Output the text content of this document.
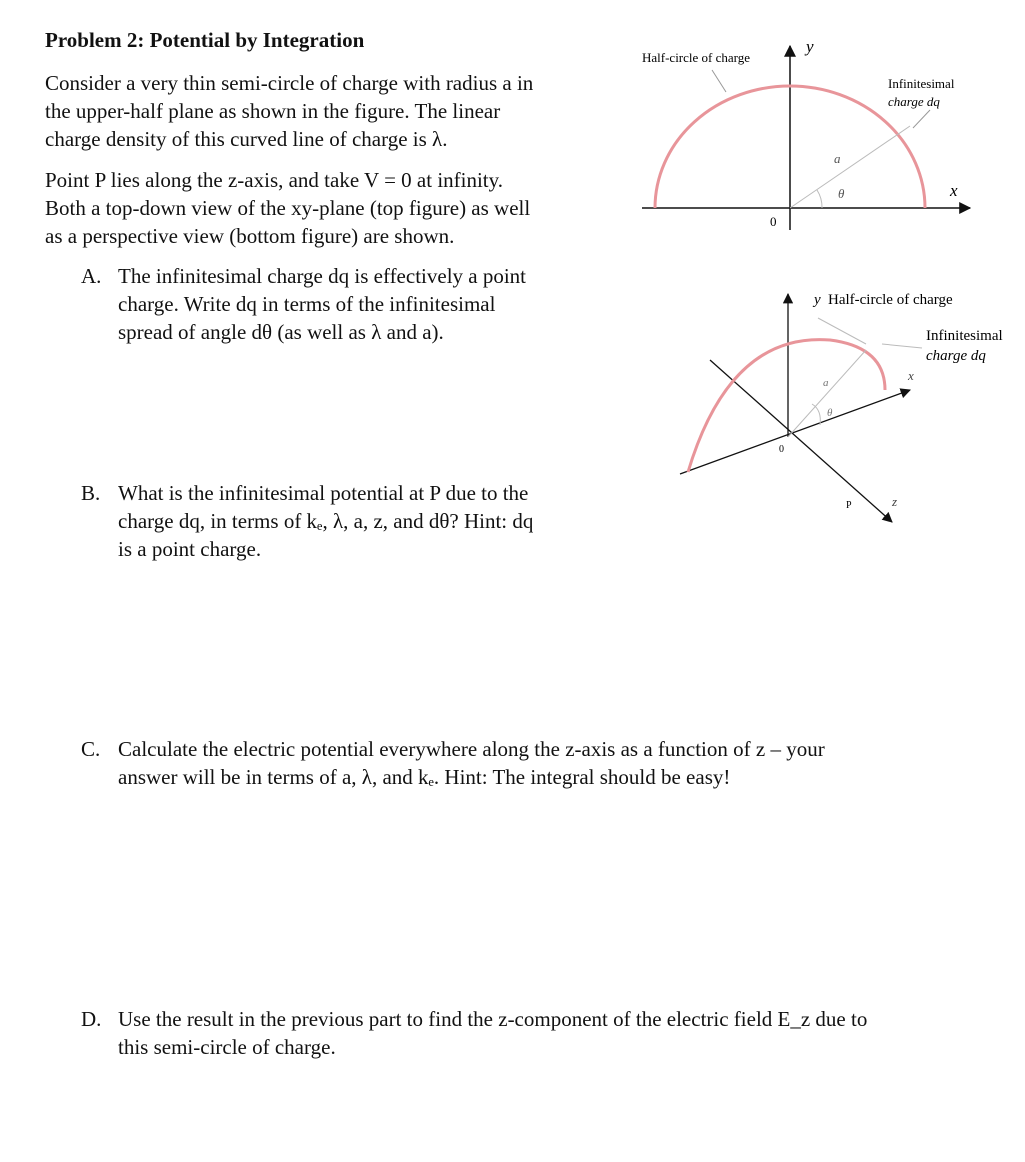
Problem 2: Potential by Integration
Consider a very thin semi-circle of charge with radius a in
the upper-half plane as shown in the figure. The linear
charge density of this curved line of charge is λ.
Point P lies along the z-axis, and take V = 0 at infinity.
Both a top-down view of the xy-plane (top figure) as well
as a perspective view (bottom figure) are shown.
A. The infinitesimal charge dq is effectively a point
charge. Write dq in terms of the infinitesimal
spread of angle dθ (as well as λ and a).
B. What is the infinitesimal potential at P due to the
charge dq, in terms of kₑ, λ, a, z, and dθ? Hint: dq
is a point charge.
C. Calculate the electric potential everywhere along the z-axis as a function of z – your
answer will be in terms of a, λ, and kₑ. Hint: The integral should be easy!
D. Use the result in the previous part to find the z-component of the electric field E_z due to
this semi-circle of charge.
Half-circle of charge
Infinitesimal
charge dq
y
x
0
a
θ
y Half-circle of charge
Infinitesimal
charge dq
x
z
0
a
θ
P
